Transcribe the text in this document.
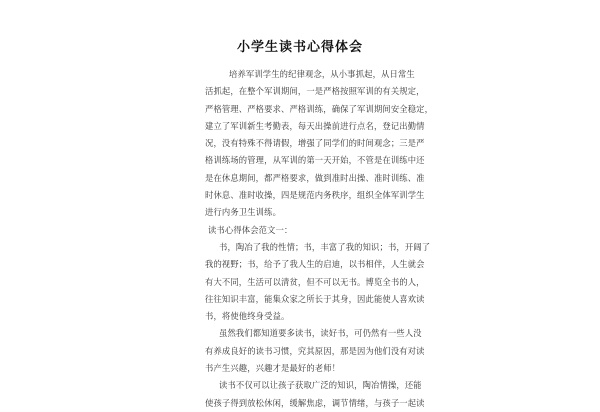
小学生读书心得体会
培养军训学生的纪律观念，从小事抓起，从日常生
活抓起，在整个军训期间，一是严格按照军训的有关规定，
严格管理、严格要求、严格训练，确保了军训期间安全稳定，
建立了军训新生考勤表，每天出操前进行点名，登记出勤情
况，没有特殊不得请假，增强了同学们的时间观念；三是严
格训练场的管理，从军训的第一天开始，不管是在训练中还
是在休息期间，都严格要求，做到准时出操、准时训练、准
时休息、准时收操，四是规范内务秩序，组织全体军训学生
进行内务卫生训练。
读书心得体会范文一：
书，陶冶了我的性情；书，丰富了我的知识；书，开阔了
我的视野；书，给予了我人生的启迪，以书相伴，人生就会
有大不同，生活可以清贫，但不可以无书。博览全书的人，
往往知识丰富，能集众家之所长于其身，因此能使人喜欢读
书，将使他终身受益。
虽然我们都知道要多读书，读好书，可仍然有一些人没
有养成良好的读书习惯，究其原因，那是因为他们没有对读
书产生兴趣，兴趣才是最好的老师！
读书不仅可以让孩子获取广泛的知识，陶冶情操，还能
使孩子得到放松休闲，缓解焦虑，调节情绪，与孩子一起读
